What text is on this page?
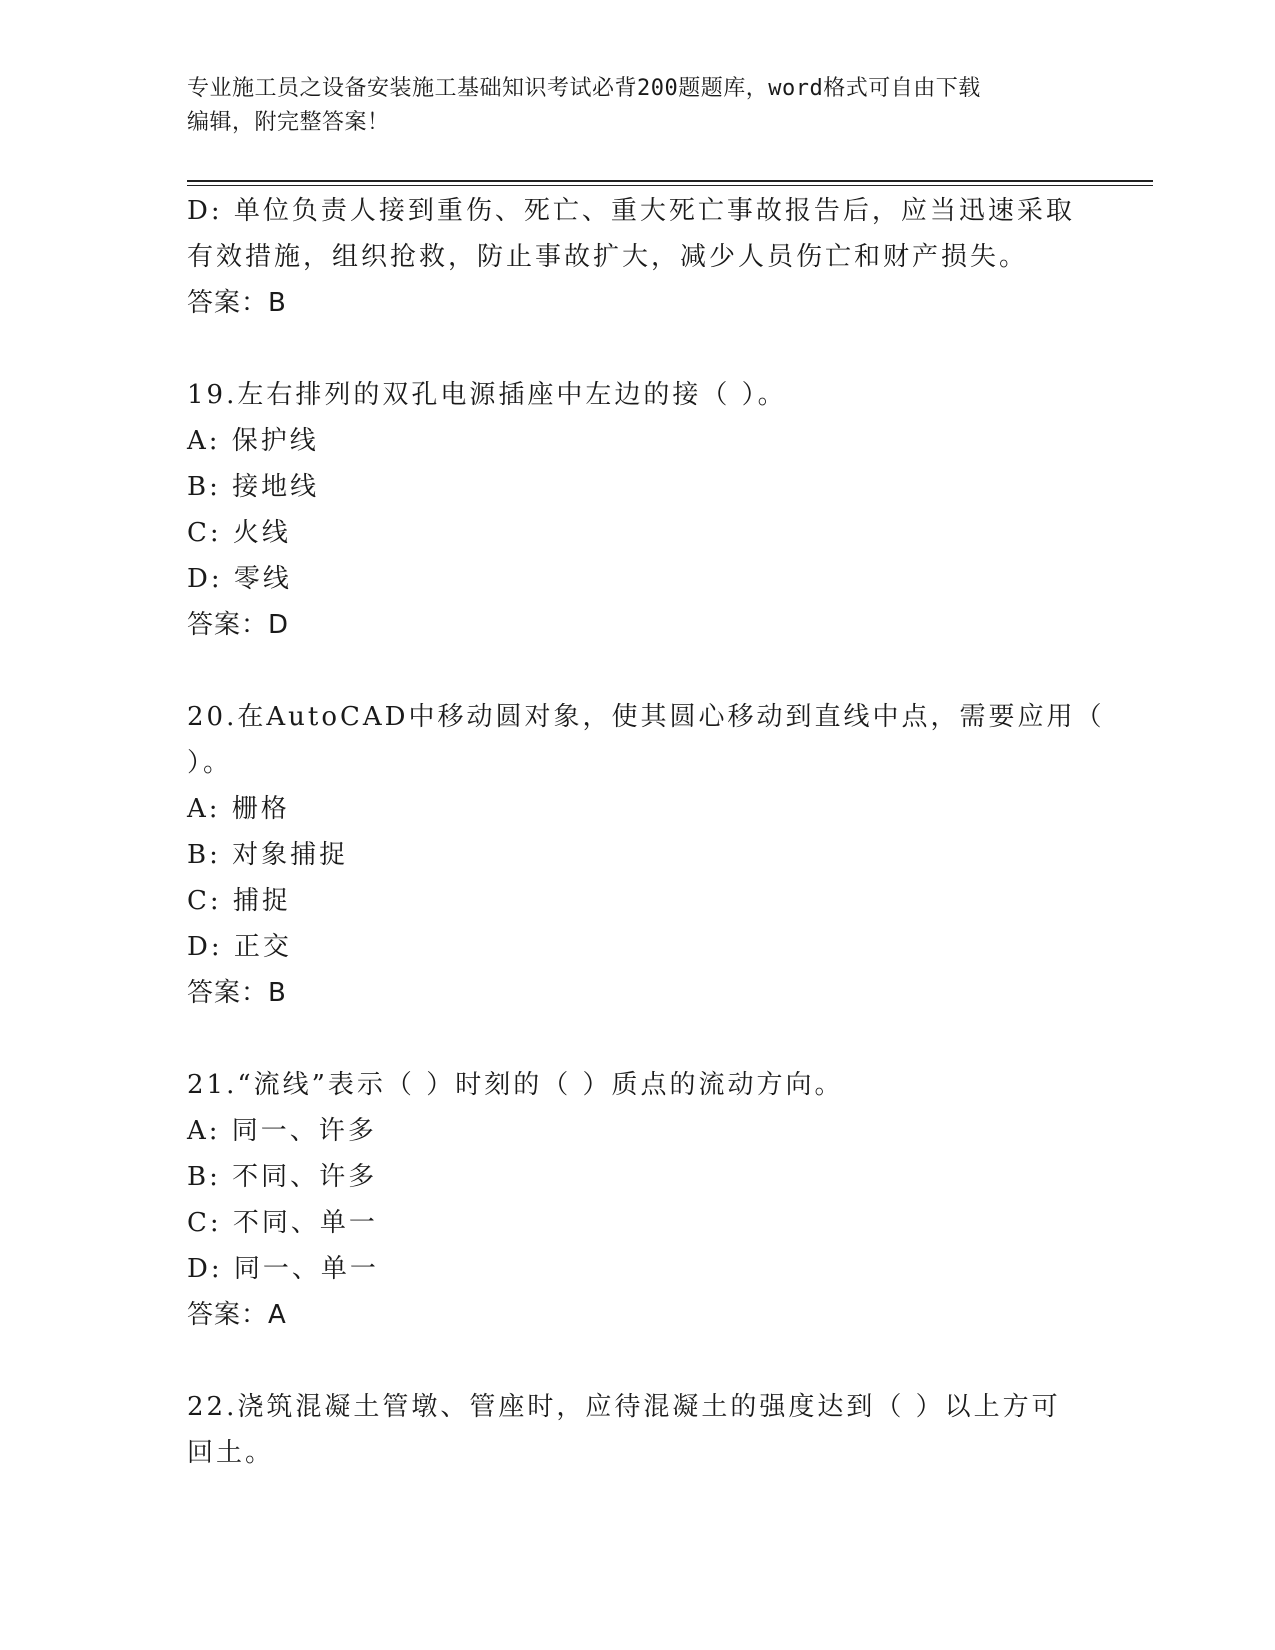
专业施工员之设备安装施工基础知识考试必背200题题库，word格式可自由下载
编辑，附完整答案！
D: 单位负责人接到重伤、死亡、重大死亡事故报告后，应当迅速采取
有效措施，组织抢救，防止事故扩大，减少人员伤亡和财产损失。
答案：B
19.左右排列的双孔电源插座中左边的接（ ）。
A: 保护线
B: 接地线
C: 火线
D: 零线
答案：D
20.在AutoCAD中移动圆对象，使其圆心移动到直线中点，需要应用（
）。
A: 栅格
B: 对象捕捉
C: 捕捉
D: 正交
答案：B
21.“流线”表示（ ）时刻的（ ）质点的流动方向。
A: 同一、许多
B: 不同、许多
C: 不同、单一
D: 同一、单一
答案：A
22.浇筑混凝土管墩、管座时，应待混凝土的强度达到（ ）以上方可
回土。
